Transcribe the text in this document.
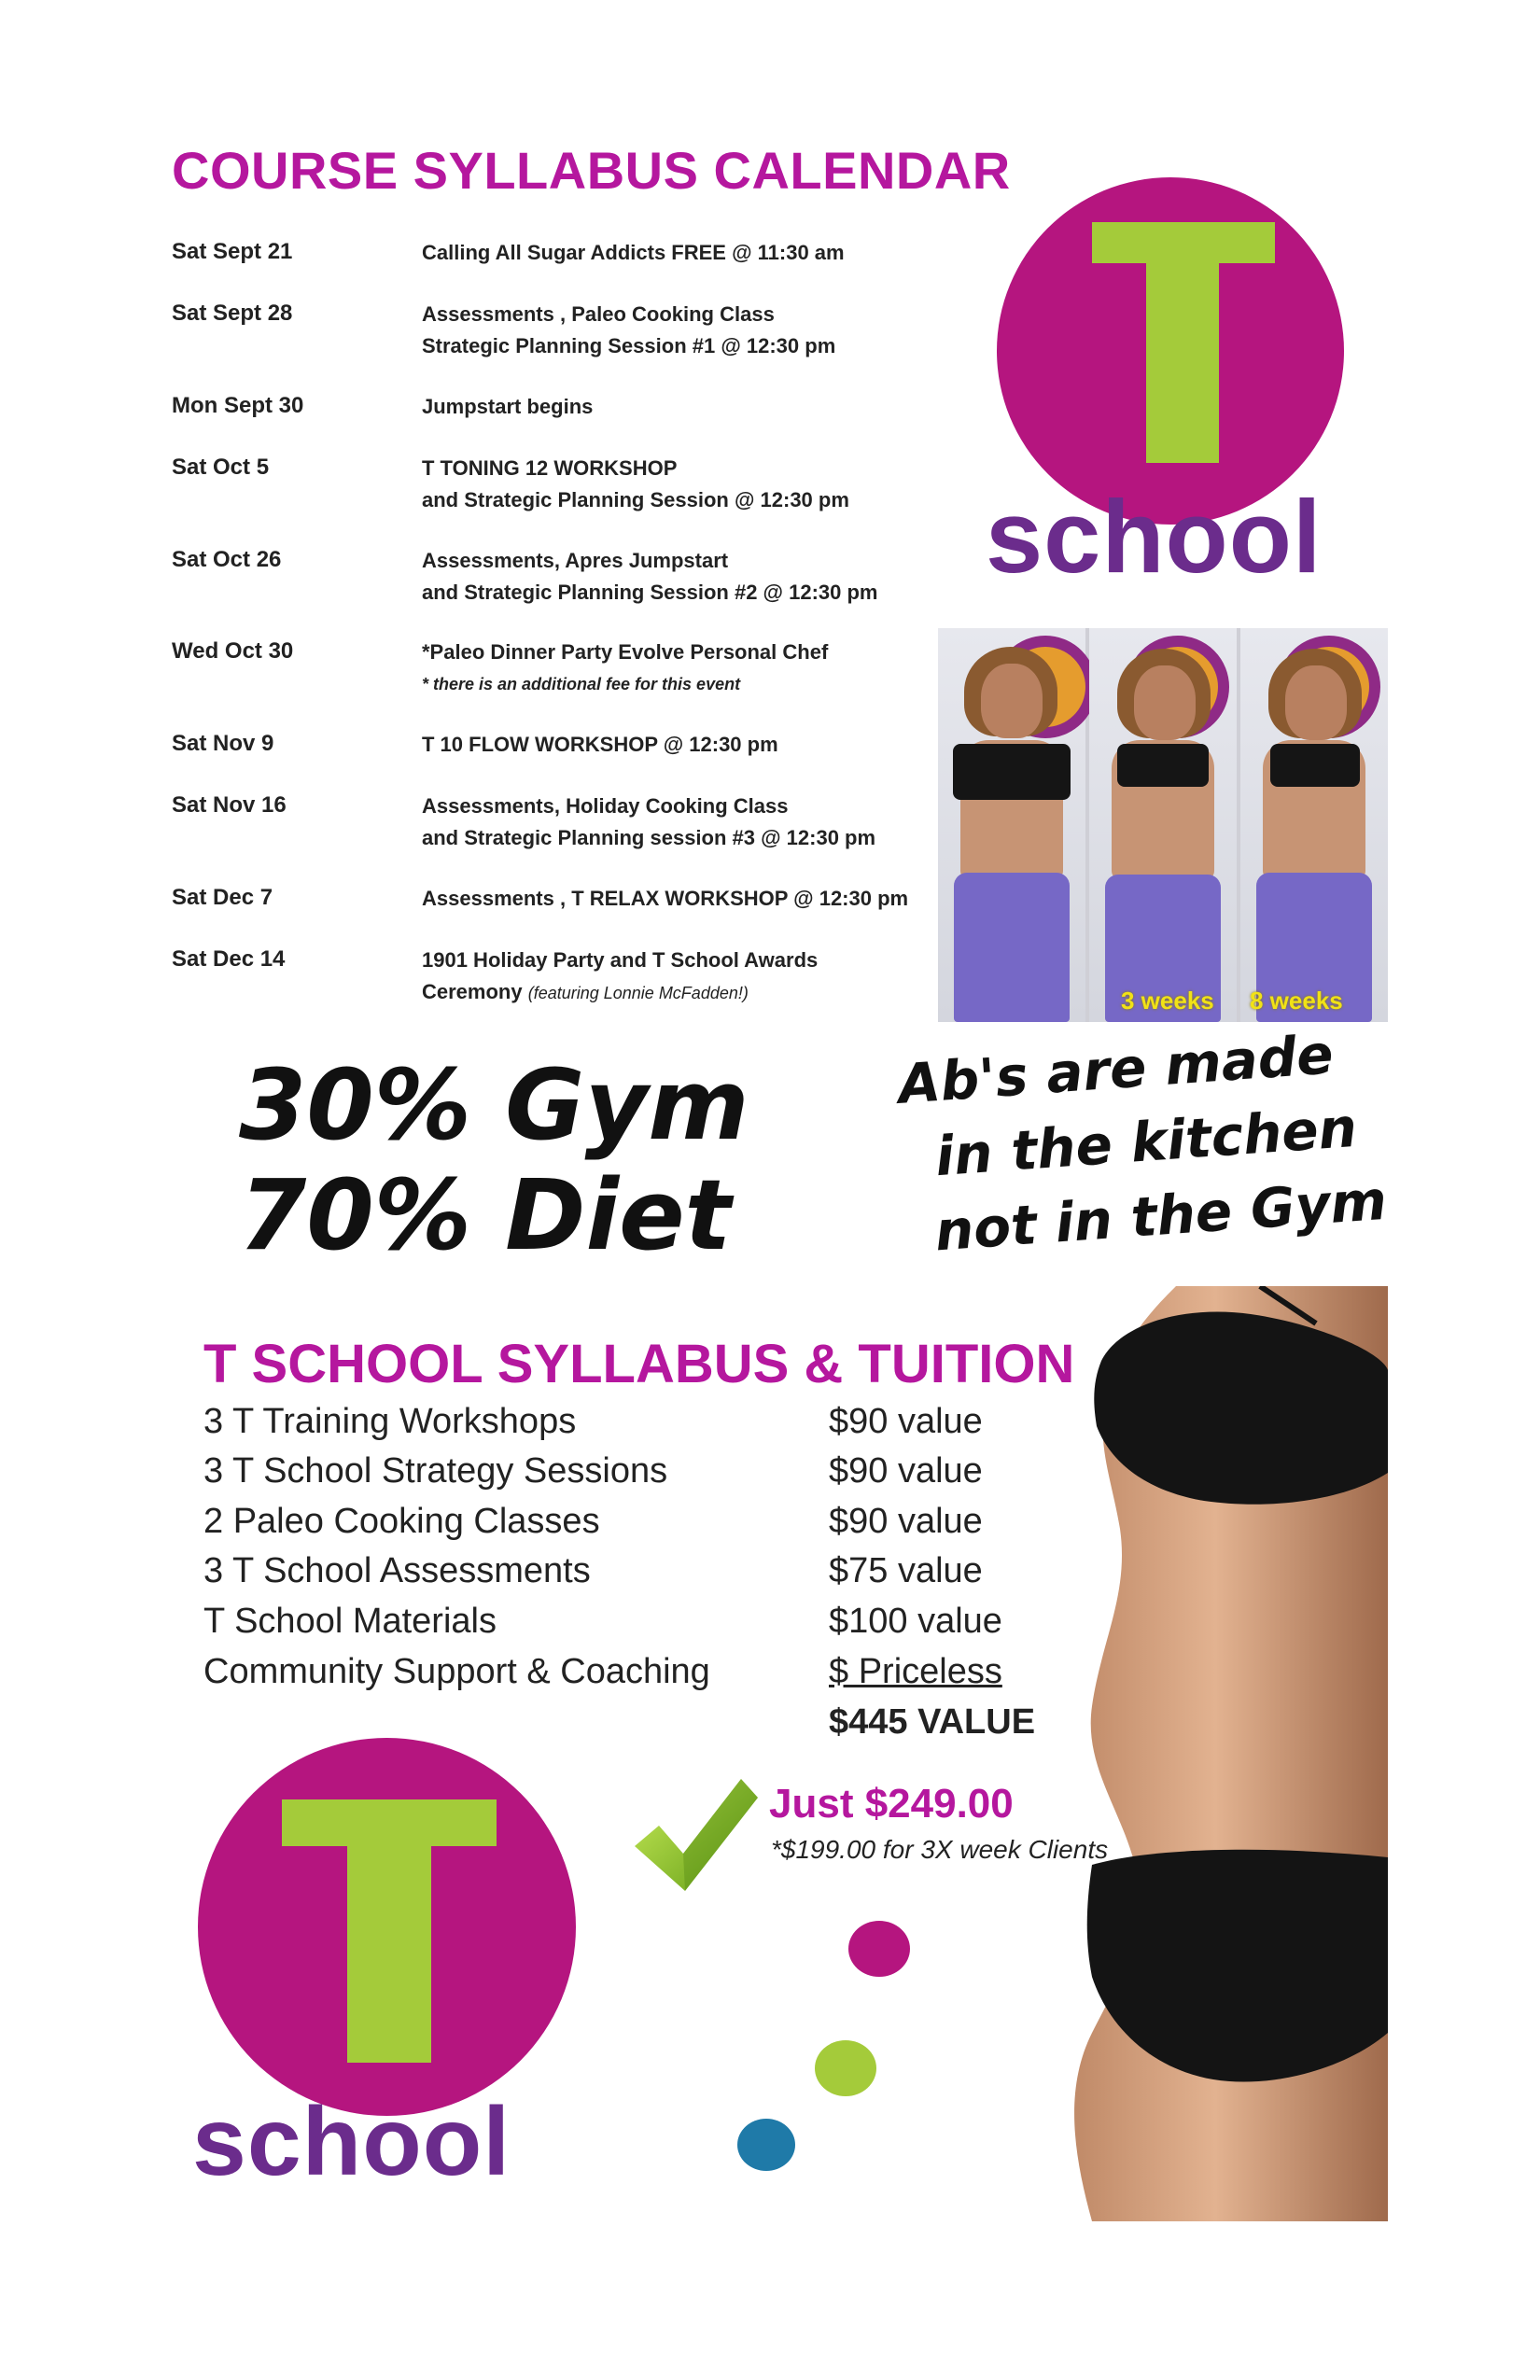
COURSE SYLLABUS CALENDAR
Sat Sept 21	Calling All Sugar Addicts FREE @ 11:30 am
Sat Sept 28	Assessments , Paleo Cooking Class
Strategic Planning Session #1 @ 12:30 pm
Mon Sept 30	Jumpstart begins
Sat Oct 5	T TONING 12 WORKSHOP
and Strategic Planning Session @ 12:30 pm
Sat Oct 26	Assessments, Apres Jumpstart
and Strategic Planning Session #2 @ 12:30 pm
Wed Oct 30	*Paleo Dinner Party Evolve Personal Chef
* there is an additional fee for this event
Sat Nov 9	T 10 FLOW WORKSHOP @ 12:30 pm
Sat Nov 16	Assessments, Holiday Cooking Class
and Strategic Planning session #3 @ 12:30 pm
Sat Dec 7	Assessments , T RELAX WORKSHOP @ 12:30 pm
Sat Dec 14	1901 Holiday Party and T School Awards
Ceremony (featuring Lonnie McFadden!)
school
3 weeks 8 weeks
30% Gym
70% Diet
Ab's are made
in the kitchen
not in the Gym
T SCHOOL SYLLABUS & TUITION
3 T Training Workshops	$90 value
3 T School Strategy Sessions	$90 value
2 Paleo Cooking Classes	$90 value
3 T School Assessments	$75 value
T School Materials	$100 value
Community Support & Coaching	$ Priceless
$445 VALUE
Just $249.00
*$199.00 for 3X week Clients
school
